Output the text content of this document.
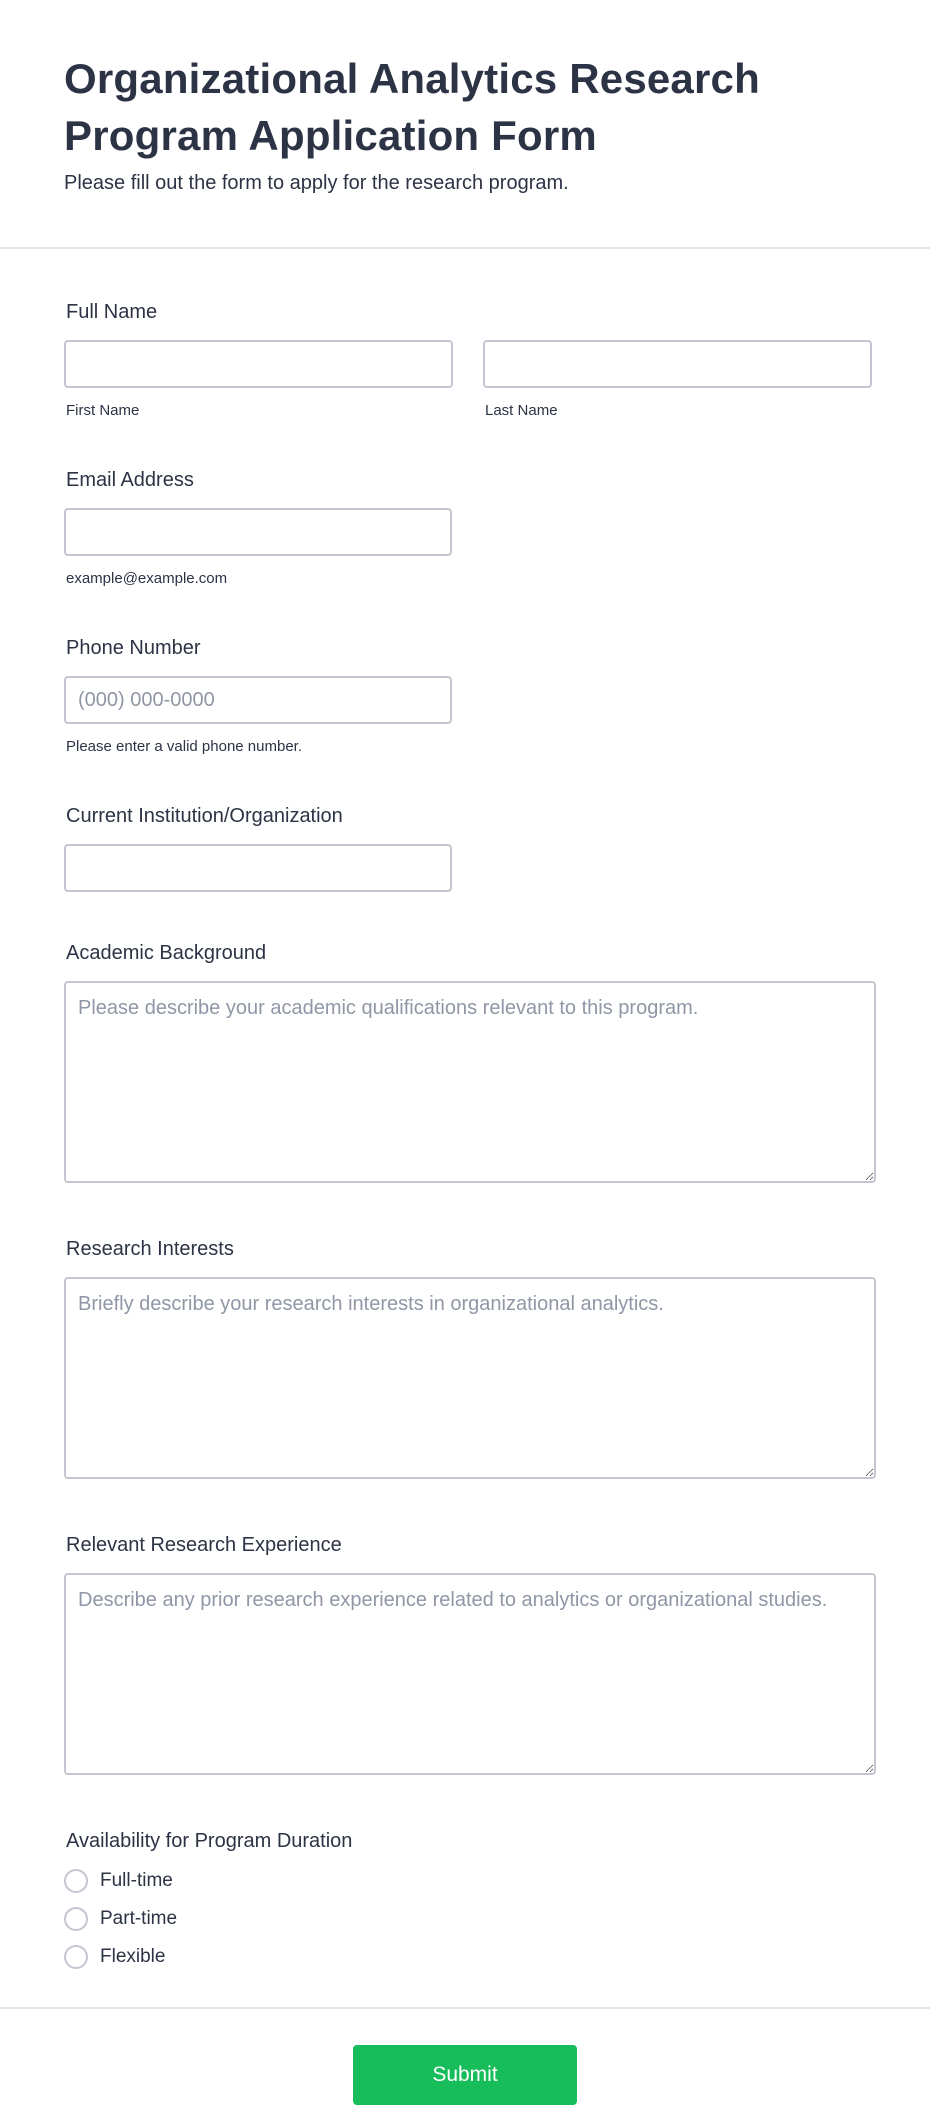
Organizational Analytics Research Program Application Form

Please fill out the form to apply for the research program.

Full Name
First Name	Last Name
Email Address
example@example.com
Phone Number
(000) 000-0000
Please enter a valid phone number.
Current Institution/Organization
Academic Background
Please describe your academic qualifications relevant to this program.
Research Interests
Briefly describe your research interests in organizational analytics.
Relevant Research Experience
Describe any prior research experience related to analytics or organizational studies.
Availability for Program Duration
Full-time
Part-time
Flexible
Submit
